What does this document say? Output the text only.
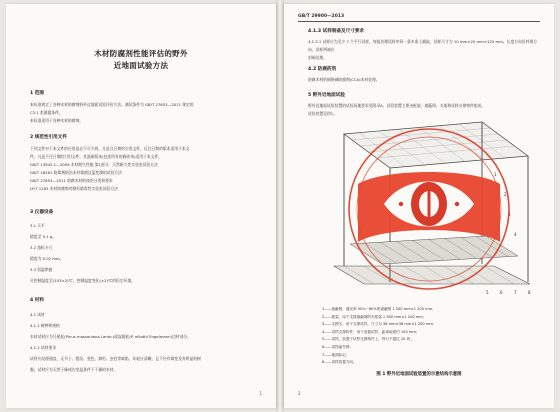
木材防腐剂性能评估的野外
近地面试验方法
1 范围
本标准规定了各种木材防腐剂野外近地面试验评价方法。测试条件为 GB/T 27653—2011 规定的
C3.1 类暴露条件。
本标准适用于各种木材防腐剂。
2 规范性引用文件
下列文件对于本文件的应用是必不可少的。凡是注日期的引用文件，仅注日期的版本适用于本文
件。凡是不注日期的引用文件，其最新版本(包括所有的修改单)适用于本文件。
GB/T 13942.1—2009 木材耐久性能 第1部分：天然耐久性实验室试验方法
GB/T 18261 防霉剂防治木材霉菌及蓝变菌的试验方法
GB/T 27653—2011 防腐木材的使用分类和要求
LY/T 1283 木材防腐剂对腐朽菌毒性实验室试验方法
3 仪器设备
3.1 天平
精度至 0.1 g。
3.2 游标卡尺
精度为 0.02 mm。
3.3 恒温烘箱
可控制温度至(103±2)℃，控制温度变化(±2)℃的恒定环境。
4 材料
4.1 试材
4.1.1 树种和规格
木材试材应为马尾松(Pinus massoniana Lamb.)或湿地松(P. elliottii Engelmann)边材部分。
4.1.2 试材要求
试材应纹理通直，无节子、裂纹、变色、腐朽、虫蛀等缺陷，年轮应清晰，且不应有霉变及有明显的树
脂。试材应为天然干燥或在室温条件下干燥的木材。
1
GB/T 29900—2013
4.1.3 试样制备及尺寸要求
4.1.3.1 试样应为至少 7 个平行试样，每组处理试样中同一条木条上截取，试样尺寸为 10 mm×20 mm×125 mm。长度方向沿纤维方向，试样两端应
封端处理。
4.2 防腐药剂
防腐木材的铜铬砷防腐剂(CCA)木材处理。
5 野外近地面试验
野外近地面试验装置的试验场地要求见附录A，试验装置主要由框架、遮蔽网、支架和试样支撑构件组成，
试验装置见图1。
1
2
3
4
5	6	7	8
1——遮蔽网，通光率 50%~80%的遮蔽网 1 500 mm×1 200 mm；
2——框架，用于支撑遮蔽网的木框架 1 500 mm×1 200 mm；
3——支撑木，用于支撑试样，尺寸为 38 mm×38 mm×1 200 mm；
4——试样支撑构件，用于放置试样，距离地面约 150 mm；
5——试样，放置于试样支撑构件上，每行不超过 20 块；
6——试样编号牌；
7——地面标记；
8——试样放置方向。
图 1 野外近地面试验装置的示意结构示意图
2
